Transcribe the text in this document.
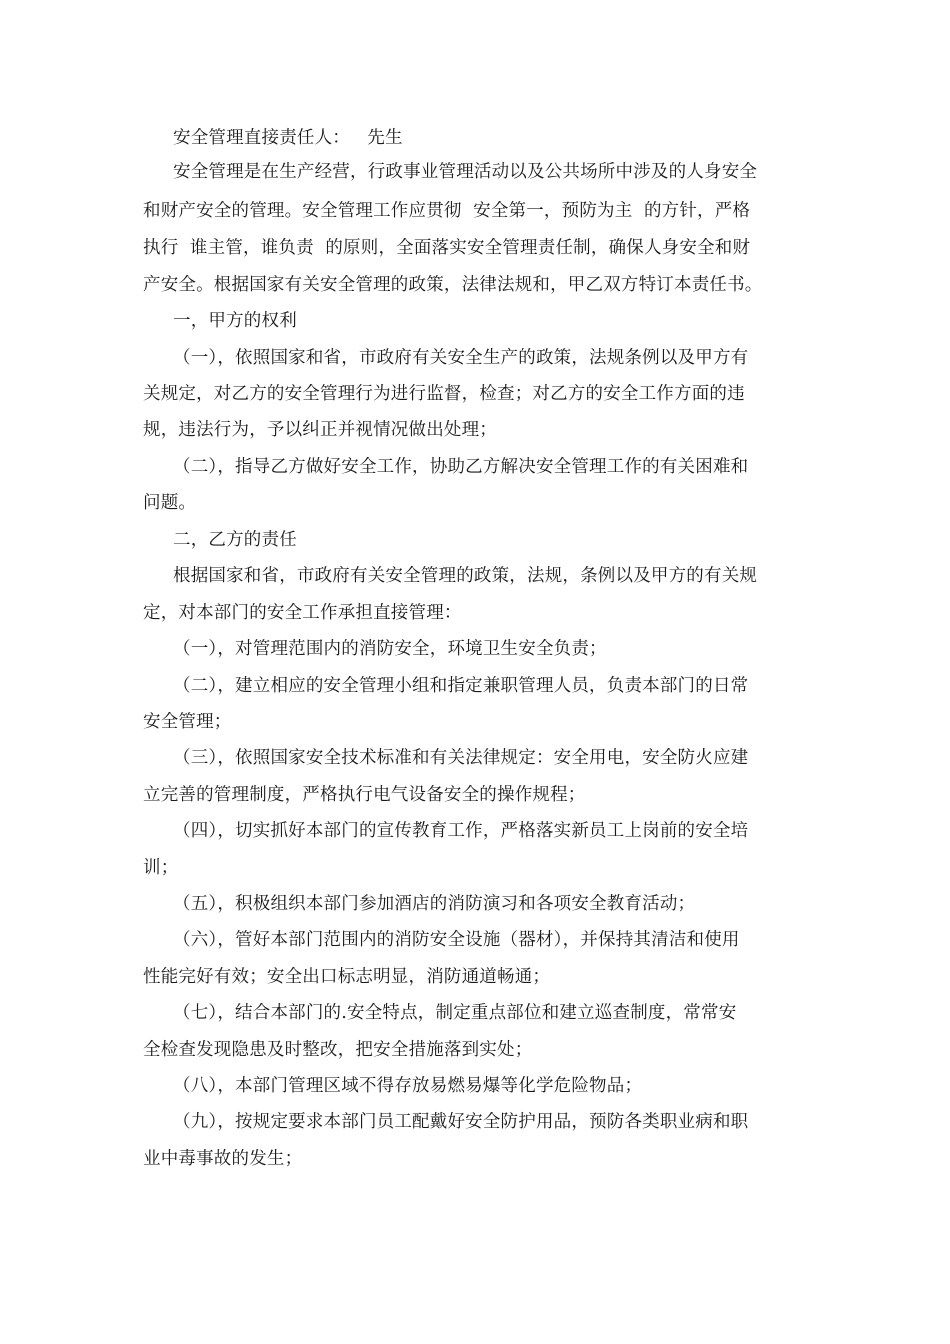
安全管理直接责任人：   先生
安全管理是在生产经营，行政事业管理活动以及公共场所中涉及的人身安全
和财产安全的管理。安全管理工作应贯彻  安全第一，预防为主  的方针，严格
执行  谁主管，谁负责  的原则，全面落实安全管理责任制，确保人身安全和财
产安全。根据国家有关安全管理的政策，法律法规和，甲乙双方特订本责任书。
一，甲方的权利
（一），依照国家和省，市政府有关安全生产的政策，法规条例以及甲方有
关规定，对乙方的安全管理行为进行监督，检查；对乙方的安全工作方面的违
规，违法行为，予以纠正并视情况做出处理；
（二），指导乙方做好安全工作，协助乙方解决安全管理工作的有关困难和
问题。
二，乙方的责任
根据国家和省，市政府有关安全管理的政策，法规，条例以及甲方的有关规
定，对本部门的安全工作承担直接管理：
（一），对管理范围内的消防安全，环境卫生安全负责；
（二），建立相应的安全管理小组和指定兼职管理人员，负责本部门的日常
安全管理；
（三），依照国家安全技术标准和有关法律规定：安全用电，安全防火应建
立完善的管理制度，严格执行电气设备安全的操作规程；
（四），切实抓好本部门的宣传教育工作，严格落实新员工上岗前的安全培
训；
（五），积极组织本部门参加酒店的消防演习和各项安全教育活动；
（六），管好本部门范围内的消防安全设施（器材），并保持其清洁和使用
性能完好有效；安全出口标志明显，消防通道畅通；
（七），结合本部门的.安全特点，制定重点部位和建立巡查制度，常常安
全检查发现隐患及时整改，把安全措施落到实处；
（八），本部门管理区域不得存放易燃易爆等化学危险物品；
（九），按规定要求本部门员工配戴好安全防护用品，预防各类职业病和职
业中毒事故的发生；
